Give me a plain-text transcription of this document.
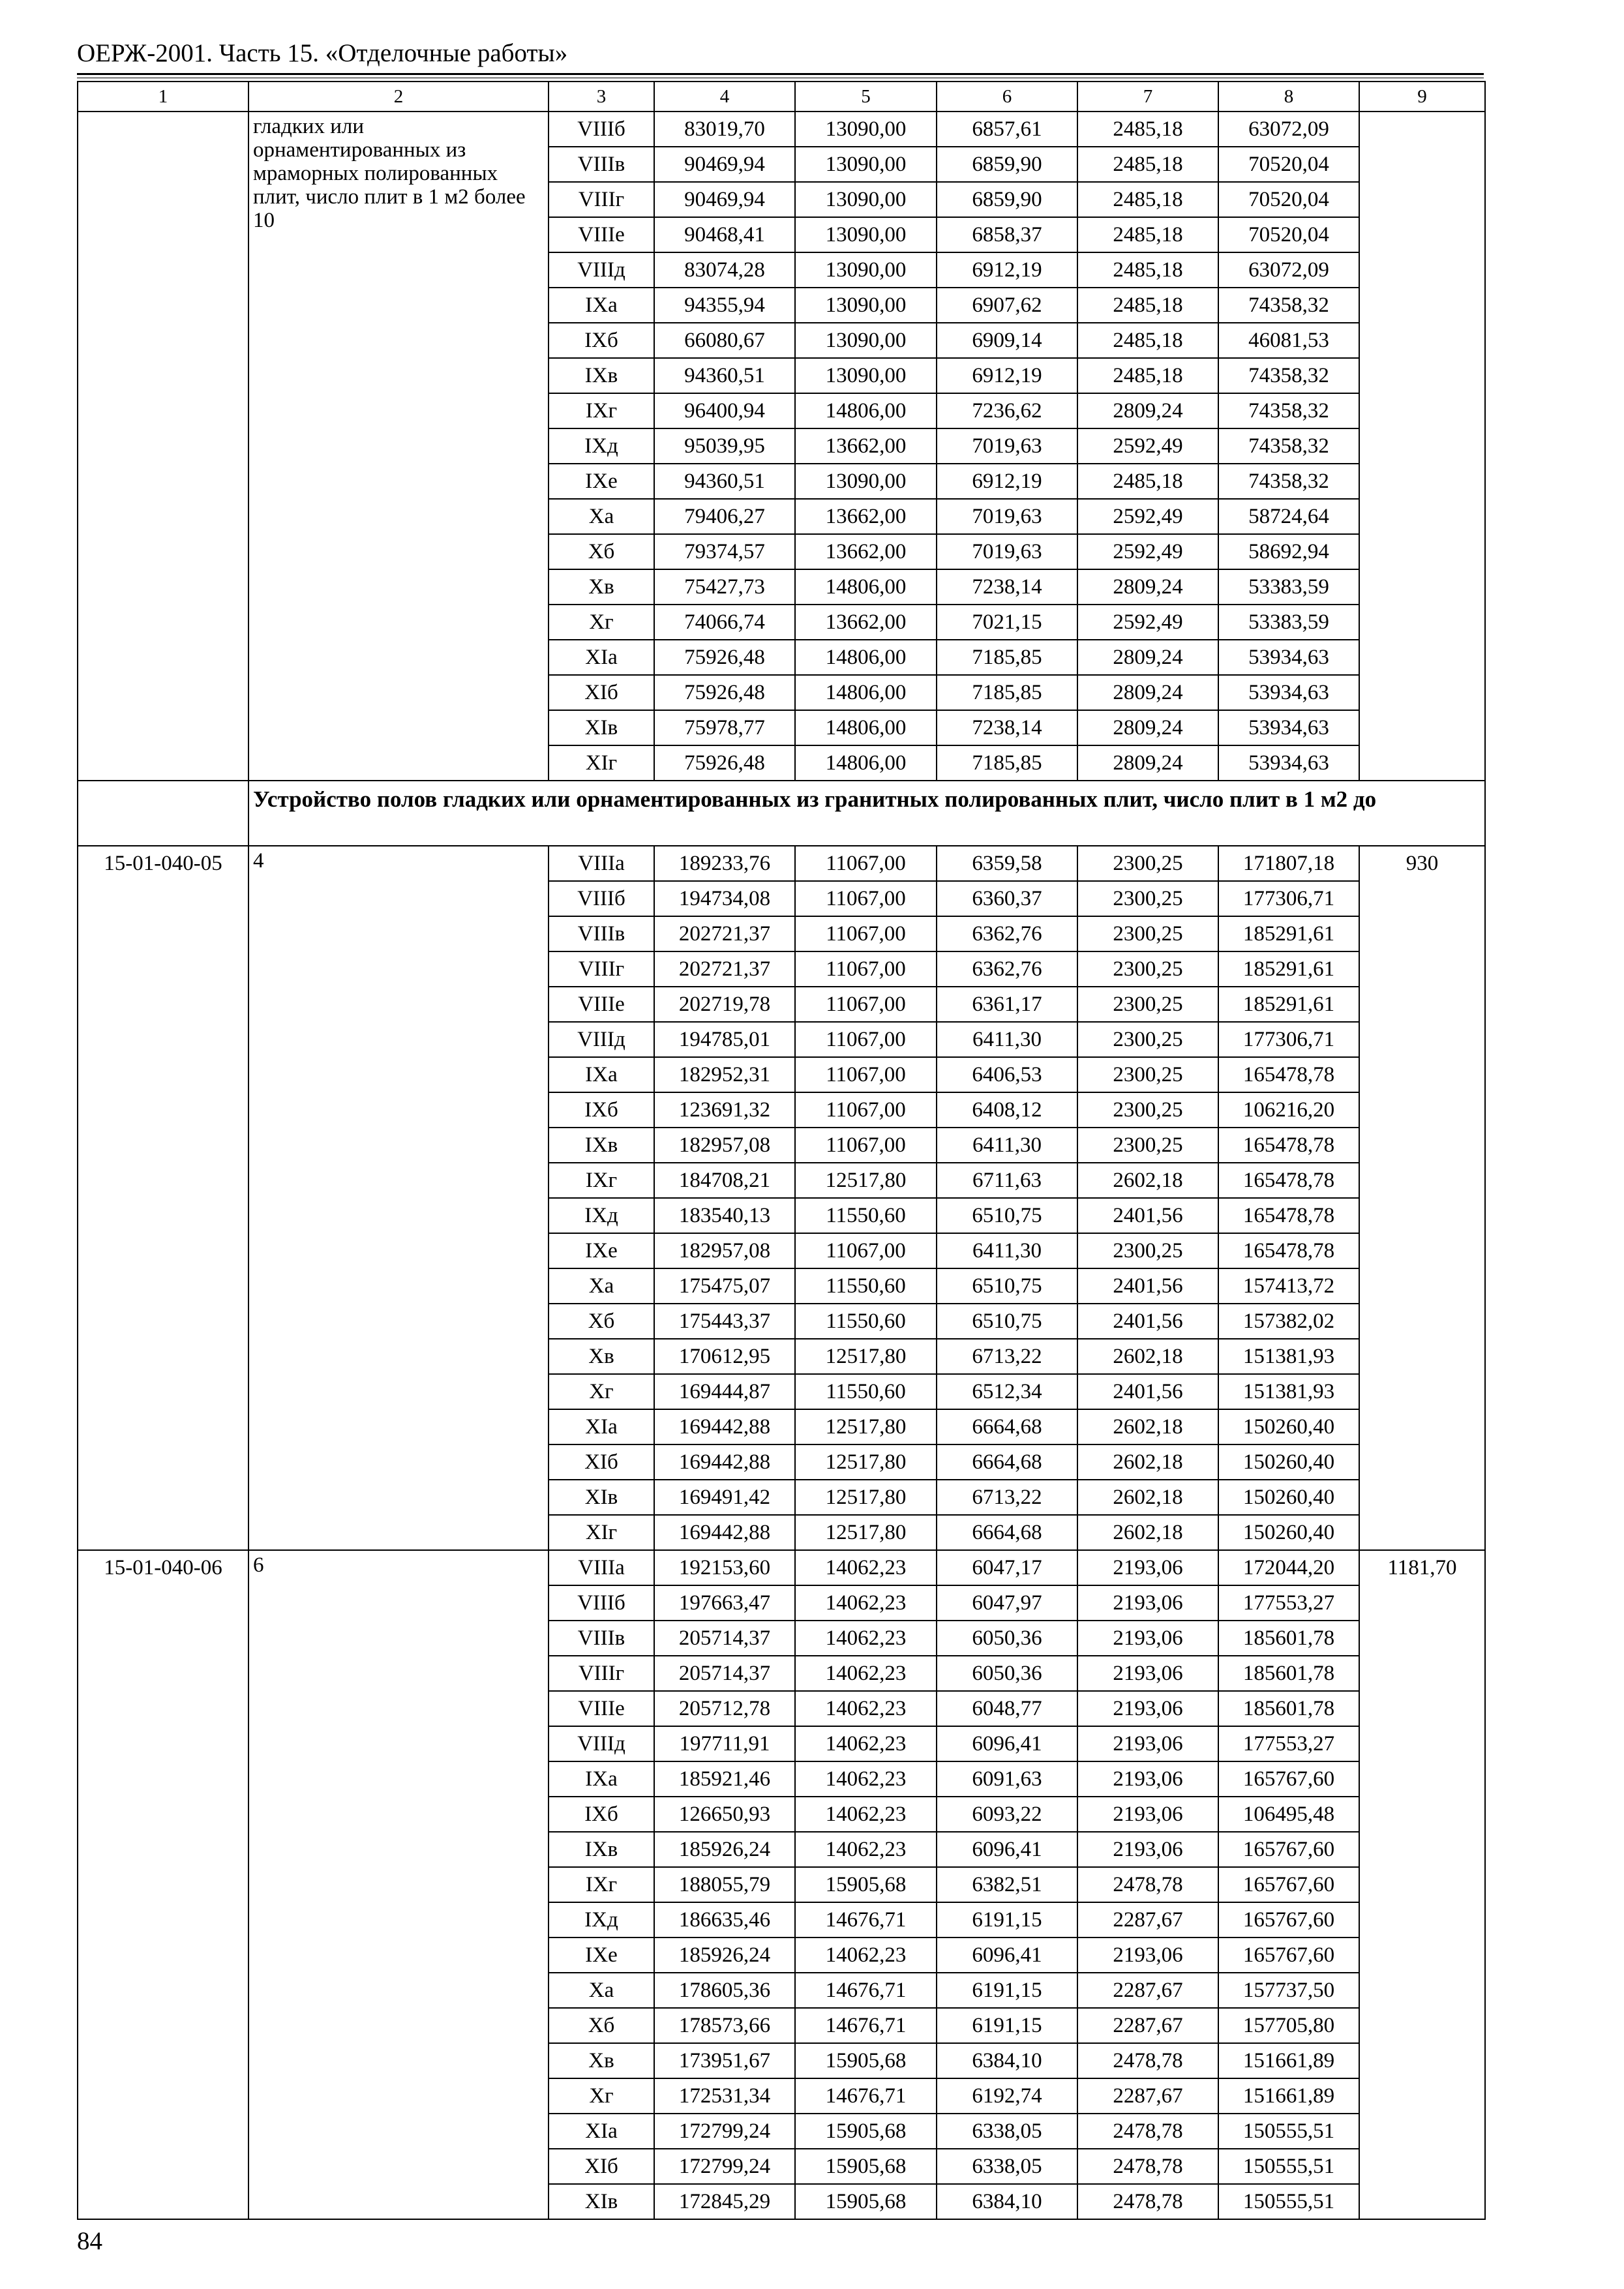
ОЕРЖ-2001. Часть 15. «Отделочные работы»
1	2	3	4	5	6	7	8	9
	гладких или орнаментированных из мраморных полированных плит, число плит в 1 м2 более 10	VIIIб	83019,70	13090,00	6857,61	2485,18	63072,09	
		VIIIв	90469,94	13090,00	6859,90	2485,18	70520,04	
		VIIIг	90469,94	13090,00	6859,90	2485,18	70520,04	
		VIIIе	90468,41	13090,00	6858,37	2485,18	70520,04	
		VIIIд	83074,28	13090,00	6912,19	2485,18	63072,09	
		IXа	94355,94	13090,00	6907,62	2485,18	74358,32	
		IXб	66080,67	13090,00	6909,14	2485,18	46081,53	
		IXв	94360,51	13090,00	6912,19	2485,18	74358,32	
		IXг	96400,94	14806,00	7236,62	2809,24	74358,32	
		IXд	95039,95	13662,00	7019,63	2592,49	74358,32	
		IXе	94360,51	13090,00	6912,19	2485,18	74358,32	
		Xа	79406,27	13662,00	7019,63	2592,49	58724,64	
		Xб	79374,57	13662,00	7019,63	2592,49	58692,94	
		Xв	75427,73	14806,00	7238,14	2809,24	53383,59	
		Xг	74066,74	13662,00	7021,15	2592,49	53383,59	
		XIа	75926,48	14806,00	7185,85	2809,24	53934,63	
		XIб	75926,48	14806,00	7185,85	2809,24	53934,63	
		XIв	75978,77	14806,00	7238,14	2809,24	53934,63	
		XIг	75926,48	14806,00	7185,85	2809,24	53934,63	
	Устройство полов гладких или орнаментированных из гранитных полированных плит, число плит в 1 м2 до							
15-01-040-05	4	VIIIа	189233,76	11067,00	6359,58	2300,25	171807,18	930
		VIIIб	194734,08	11067,00	6360,37	2300,25	177306,71	
		VIIIв	202721,37	11067,00	6362,76	2300,25	185291,61	
		VIIIг	202721,37	11067,00	6362,76	2300,25	185291,61	
		VIIIе	202719,78	11067,00	6361,17	2300,25	185291,61	
		VIIIд	194785,01	11067,00	6411,30	2300,25	177306,71	
		IXа	182952,31	11067,00	6406,53	2300,25	165478,78	
		IXб	123691,32	11067,00	6408,12	2300,25	106216,20	
		IXв	182957,08	11067,00	6411,30	2300,25	165478,78	
		IXг	184708,21	12517,80	6711,63	2602,18	165478,78	
		IXд	183540,13	11550,60	6510,75	2401,56	165478,78	
		IXе	182957,08	11067,00	6411,30	2300,25	165478,78	
		Xа	175475,07	11550,60	6510,75	2401,56	157413,72	
		Xб	175443,37	11550,60	6510,75	2401,56	157382,02	
		Xв	170612,95	12517,80	6713,22	2602,18	151381,93	
		Xг	169444,87	11550,60	6512,34	2401,56	151381,93	
		XIа	169442,88	12517,80	6664,68	2602,18	150260,40	
		XIб	169442,88	12517,80	6664,68	2602,18	150260,40	
		XIв	169491,42	12517,80	6713,22	2602,18	150260,40	
		XIг	169442,88	12517,80	6664,68	2602,18	150260,40	
15-01-040-06	6	VIIIа	192153,60	14062,23	6047,17	2193,06	172044,20	1181,70
		VIIIб	197663,47	14062,23	6047,97	2193,06	177553,27	
		VIIIв	205714,37	14062,23	6050,36	2193,06	185601,78	
		VIIIг	205714,37	14062,23	6050,36	2193,06	185601,78	
		VIIIе	205712,78	14062,23	6048,77	2193,06	185601,78	
		VIIIд	197711,91	14062,23	6096,41	2193,06	177553,27	
		IXа	185921,46	14062,23	6091,63	2193,06	165767,60	
		IXб	126650,93	14062,23	6093,22	2193,06	106495,48	
		IXв	185926,24	14062,23	6096,41	2193,06	165767,60	
		IXг	188055,79	15905,68	6382,51	2478,78	165767,60	
		IXд	186635,46	14676,71	6191,15	2287,67	165767,60	
		IXе	185926,24	14062,23	6096,41	2193,06	165767,60	
		Xа	178605,36	14676,71	6191,15	2287,67	157737,50	
		Xб	178573,66	14676,71	6191,15	2287,67	157705,80	
		Xв	173951,67	15905,68	6384,10	2478,78	151661,89	
		Xг	172531,34	14676,71	6192,74	2287,67	151661,89	
		XIа	172799,24	15905,68	6338,05	2478,78	150555,51	
		XIб	172799,24	15905,68	6338,05	2478,78	150555,51	
		XIв	172845,29	15905,68	6384,10	2478,78	150555,51	
84
